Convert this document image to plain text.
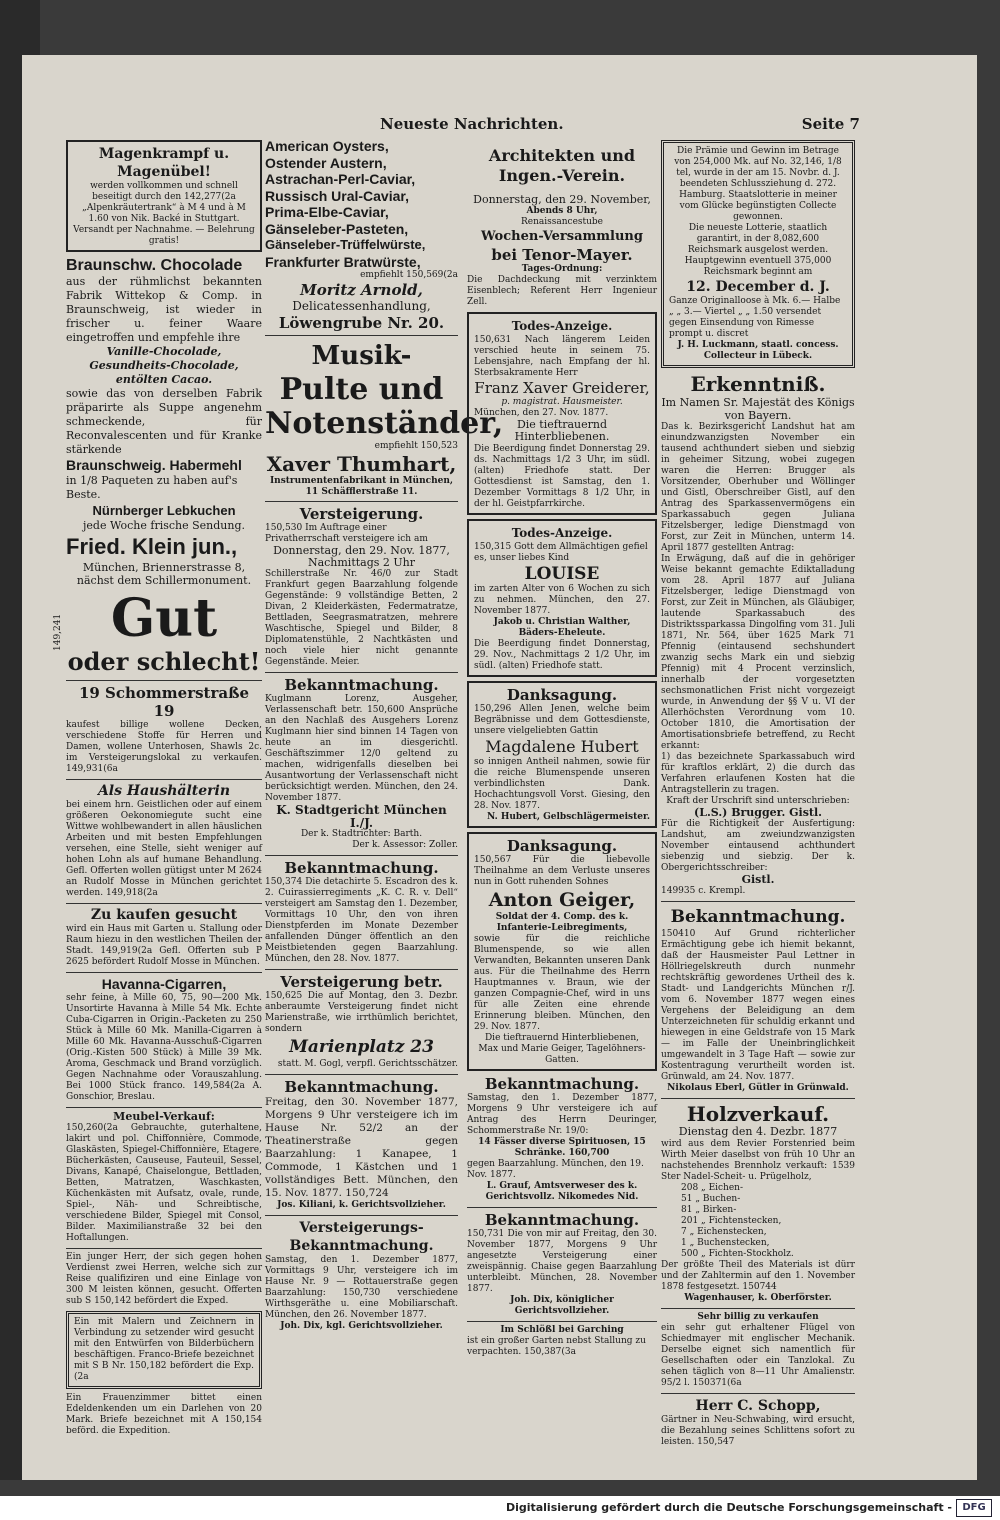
Neueste Nachrichten.	Seite 7
Magenkrampf u. Magenübel!
werden vollkommen und schnell beseitigt durch den 142,277(2a „Alpenkräutertrank“ à M 4 und à M 1.60 von Nik. Backé in Stuttgart. Versandt per Nachnahme. — Belehrung gratis!
Braunschw. Chocolade
aus der rühmlichst bekannten Fabrik Wittekop & Comp. in Braunschweig, ist wieder in frischer u. feiner Waare eingetroffen und empfehle ihre
Vanille-Chocolade, Gesundheits-Chocolade, entölten Cacao.
sowie das von derselben Fabrik präparirte als Suppe angenehm schmeckende, für Reconvalescenten und für Kranke stärkende
Braunschweig. Habermehl
in 1/8 Paqueten zu haben auf's Beste.
Nürnberger Lebkuchen
jede Woche frische Sendung.
Fried. Klein jun.,
München, Briennerstrasse 8, nächst dem Schillermonument.
149,241 Gut
oder schlecht!
19 Schommerstraße 19
kaufest billige wollene Decken, verschiedene Stoffe für Herren und Damen, wollene Unterhosen, Shawls 2c. im Versteigerungslokal zu verkaufen. 149,931(6a
Als Haushälterin
bei einem hrn. Geistlichen oder auf einem größeren Oekonomiegute sucht eine Wittwe wohlbewandert in allen häuslichen Arbeiten und mit besten Empfehlungen versehen, eine Stelle, sieht weniger auf hohen Lohn als auf humane Behandlung. Gefl. Offerten wollen gütigst unter M 2624 an Rudolf Mosse in München gerichtet werden. 149,918(2a
Zu kaufen gesucht
wird ein Haus mit Garten u. Stallung oder Raum hiezu in den westlichen Theilen der Stadt. 149,919(2a Gefl. Offerten sub P 2625 befördert Rudolf Mosse in München.
Havanna-Cigarren,
sehr feine, à Mille 60, 75, 90—200 Mk. Unsortirte Havanna à Mille 54 Mk. Echte Cuba-Cigarren in Origin.-Packeten zu 250 Stück à Mille 60 Mk. Manilla-Cigarren à Mille 60 Mk. Havanna-Ausschuß-Cigarren (Orig.-Kisten 500 Stück) à Mille 39 Mk. Aroma, Geschmack und Brand vorzüglich. Gegen Nachnahme oder Vorauszahlung. Bei 1000 Stück franco. 149,584(2a A. Gonschior, Breslau.
Meubel-Verkauf:
150,260(2a Gebrauchte, guterhaltene, lakirt und pol. Chiffonnière, Commode, Glaskästen, Spiegel-Chiffonnière, Etagere, Bücherkästen, Causeuse, Fauteuil, Sessel, Divans, Kanapé, Chaiselongue, Bettladen, Betten, Matratzen, Waschkasten, Küchenkästen mit Aufsatz, ovale, runde, Spiel-, Näh- und Schreibtische, verschiedene Bilder, Spiegel mit Consol, Bilder. Maximilianstraße 32 bei den Hoftallungen.
Ein junger Herr, der sich gegen hohen Verdienst zwei Herren, welche sich zur Reise qualifiziren und eine Einlage von 300 M leisten können, gesucht. Offerten sub S 150,142 befördert die Exped.
Ein mit Malern und Zeichnern in Verbindung zu setzender wird gesucht mit den Entwürfen von Bilderbüchern beschäftigen. Franco-Briefe bezeichnet mit S B Nr. 150,182 befördert die Exp. (2a
Ein Frauenzimmer bittet einen Edeldenkenden um ein Darlehen von 20 Mark. Briefe bezeichnet mit A 150,154 beförd. die Expedition.
American Oysters,
Ostender Austern,
Astrachan-Perl-Caviar,
Russisch Ural-Caviar,
Prima-Elbe-Caviar,
Gänseleber-Pasteten,
Gänseleber-Trüffelwürste,
Frankfurter Bratwürste,
empfiehlt 150,569(2a
Moritz Arnold,
Delicatessenhandlung,
Löwengrube Nr. 20.
Musik-
Pulte und
Notenständer,
empfiehlt 150,523
Xaver Thumhart,
Instrumentenfabrikant in München, 11 Schäfflerstraße 11.
Versteigerung.
150,530 Im Auftrage einer Privatherrschaft versteigere ich am
Donnerstag, den 29. Nov. 1877,
Nachmittags 2 Uhr
Schillerstraße Nr. 46/0 zur Stadt Frankfurt gegen Baarzahlung folgende Gegenstände: 9 vollständige Betten, 2 Divan, 2 Kleiderkästen, Federmatratze, Bettladen, Seegrasmatratzen, mehrere Waschtische, Spiegel und Bilder, 8 Diplomatenstühle, 2 Nachtkästen und noch viele hier nicht genannte Gegenstände. Meier.
Bekanntmachung.
Kuglmann Lorenz, Ausgeher, Verlassenschaft betr. 150,600 Ansprüche an den Nachlaß des Ausgehers Lorenz Kuglmann hier sind binnen 14 Tagen von heute an im diesgerichtl. Geschäftszimmer 12/0 geltend zu machen, widrigenfalls dieselben bei Ausantwortung der Verlassenschaft nicht berücksichtigt werden. München, den 24. November 1877.
K. Stadtgericht München I./J.
Der k. Stadtrichter: Barth.
Der k. Assessor: Zoller.
Bekanntmachung.
150,374 Die detachirte 5. Escadron des k. 2. Cuirassierregiments „K. C. R. v. Dell“ versteigert am Samstag den 1. Dezember, Vormittags 10 Uhr, den von ihren Dienstpferden im Monate Dezember anfallenden Dünger öffentlich an den Meistbietenden gegen Baarzahlung. München, den 28. Nov. 1877.
Versteigerung betr.
150,625 Die auf Montag, den 3. Dezbr. anberaumte Versteigerung findet nicht Marienstraße, wie irrthümlich berichtet, sondern
Marienplatz 23
statt. M. Gogl, verpfl. Gerichtsschätzer.
Bekanntmachung.
Freitag, den 30. November 1877, Morgens 9 Uhr versteigere ich im Hause Nr. 52/2 an der Theatinerstraße gegen Baarzahlung: 1 Kanapee, 1 Commode, 1 Kästchen und 1 vollständiges Bett. München, den 15. Nov. 1877. 150,724
Jos. Kiliani, k. Gerichtsvollzieher.
Versteigerungs-Bekanntmachung.
Samstag, den 1. Dezember 1877, Vormittags 9 Uhr, versteigere ich im Hause Nr. 9 — Rottauerstraße gegen Baarzahlung: 150,730 verschiedene Wirthsgeräthe u. eine Mobiliarschaft. München, den 26. November 1877.
Joh. Dix, kgl. Gerichtsvollzieher.
Architekten und Ingen.-Verein.
Donnerstag, den 29. November,
Abends 8 Uhr,
Renaissancestube
Wochen-Versammlung
bei Tenor-Mayer.
Tages-Ordnung:
Die Dachdeckung mit verzinktem Eisenblech; Referent Herr Ingenieur Zell.
Todes-Anzeige.
150,631 Nach längerem Leiden verschied heute in seinem 75. Lebensjahre, nach Empfang der hl. Sterbsakramente Herr
Franz Xaver Greiderer,
p. magistrat. Hausmeister.
München, den 27. Nov. 1877.
Die tieftrauernd Hinterbliebenen.
Die Beerdigung findet Donnerstag 29. ds. Nachmittags 1/2 3 Uhr, im südl. (alten) Friedhofe statt. Der Gottesdienst ist Samstag, den 1. Dezember Vormittags 8 1/2 Uhr, in der hl. Geistpfarrkirche.
Todes-Anzeige.
150,315 Gott dem Allmächtigen gefiel es, unser liebes Kind
LOUISE
im zarten Alter von 6 Wochen zu sich zu nehmen. München, den 27. November 1877.
Jakob u. Christian Walther, Bäders-Eheleute.
Die Beerdigung findet Donnerstag, 29. Nov., Nachmittags 2 1/2 Uhr, im südl. (alten) Friedhofe statt.
Danksagung.
150,296 Allen Jenen, welche beim Begräbnisse und dem Gottesdienste, unsere vielgeliebten Gattin
Magdalene Hubert
so innigen Antheil nahmen, sowie für die reiche Blumenspende unseren verbindlichsten Dank. Hochachtungsvoll Vorst. Giesing, den 28. Nov. 1877.
N. Hubert, Gelbschlägermeister.
Danksagung.
150,567 Für die liebevolle Theilnahme an dem Verluste unseres nun in Gott ruhenden Sohnes
Anton Geiger,
Soldat der 4. Comp. des k. Infanterie-Leibregiments,
sowie für die reichliche Blumenspende, so wie allen Verwandten, Bekannten unseren Dank aus. Für die Theilnahme des Herrn Hauptmannes v. Braun, wie der ganzen Compagnie-Chef, wird in uns für alle Zeiten eine ehrende Erinnerung bleiben. München, den 29. Nov. 1877.
Die tieftrauernd Hinterbliebenen, Max und Marie Geiger, Tagelöhners-Gatten.
Bekanntmachung.
Samstag, den 1. Dezember 1877, Morgens 9 Uhr versteigere ich auf Antrag des Herrn Deuringer, Schommerstraße Nr. 19/0:
14 Fässer diverse Spirituosen, 15 Schränke. 160,700
gegen Baarzahlung. München, den 19. Nov. 1877.
L. Grauf, Amtsverweser des k. Gerichtsvollz. Nikomedes Nid.
Bekanntmachung.
150,731 Die von mir auf Freitag, den 30. November 1877, Morgens 9 Uhr angesetzte Versteigerung einer zweispännig. Chaise gegen Baarzahlung unterbleibt. München, 28. November 1877.
Joh. Dix, königlicher Gerichtsvollzieher.
Im Schlößl bei Garching
ist ein großer Garten nebst Stallung zu verpachten. 150,387(3a
Die Prämie und Gewinn im Betrage von 254,000 Mk. auf No. 32,146, 1/8 tel, wurde in der am 15. Novbr. d. J. beendeten Schlussziehung d. 272. Hamburg. Staatslotterie in meiner vom Glücke begünstigten Collecte gewonnen.
Die neueste Lotterie, staatlich garantirt, in der 8,082,600 Reichsmark ausgelost werden. Hauptgewinn eventuell 375,000 Reichsmark beginnt am
12. December d. J.
Ganze Originalloose à Mk. 6.— Halbe „ „ 3.— Viertel „ „ 1.50 versendet gegen Einsendung von Rimesse prompt u. discret
J. H. Luckmann, staatl. concess. Collecteur in Lübeck.
Erkenntniß.
Im Namen Sr. Majestät des Königs von Bayern.
Das k. Bezirksgericht Landshut hat am einundzwanzigsten November ein tausend achthundert sieben und siebzig in geheimer Sitzung, wobei zugegen waren die Herren: Brugger als Vorsitzender, Oberhuber und Wöllinger und Gistl, Oberschreiber Gistl, auf den Antrag des Sparkassenvermögens ein Sparkassabuch gegen Juliana Fitzelsberger, ledige Dienstmagd von Forst, zur Zeit in München, unterm 14. April 1877 gestellten Antrag:
In Erwägung, daß auf die in gehöriger Weise bekannt gemachte Ediktalladung vom 28. April 1877 auf Juliana Fitzelsberger, ledige Dienstmagd von Forst, zur Zeit in München, als Gläubiger, lautende Sparkassabuch des Distriktssparkassa Dingolfing vom 31. Juli 1871, Nr. 564, über 1625 Mark 71 Pfennig (eintausend sechshundert zwanzig sechs Mark ein und siebzig Pfennig) mit 4 Procent verzinslich, innerhalb der vorgesetzten sechsmonatlichen Frist nicht vorgezeigt wurde, in Anwendung der §§ V u. VI der Allerhöchsten Verordnung vom 10. October 1810, die Amortisation der Amortisationsbriefe betreffend, zu Recht erkannt:
1) das bezeichnete Sparkassabuch wird für kraftlos erklärt, 2) die durch das Verfahren erlaufenen Kosten hat die Antragstellerin zu tragen.
Kraft der Urschrift sind unterschrieben:
(L.S.) Brugger. Gistl.
Für die Richtigkeit der Ausfertigung: Landshut, am zweiundzwanzigsten November eintausend achthundert siebenzig und siebzig. Der k. Obergerichtsschreiber:
Gistl.
149935 c. Krempl.
Bekanntmachung.
150410 Auf Grund richterlicher Ermächtigung gebe ich hiemit bekannt, daß der Hausmeister Paul Lettner in Höllriegelskreuth durch nunmehr rechtskräftig gewordenes Urtheil des k. Stadt- und Landgerichts München r/J. vom 6. November 1877 wegen eines Vergehens der Beleidigung an dem Unterzeichneten für schuldig erkannt und hiewegen in eine Geldstrafe von 15 Mark — im Falle der Uneinbringlichkeit umgewandelt in 3 Tage Haft — sowie zur Kostentragung verurtheilt worden ist. Grünwald, am 24. Nov. 1877.
Nikolaus Eberl, Gütler in Grünwald.
Holzverkauf.
Dienstag den 4. Dezbr. 1877
wird aus dem Revier Forstenried beim Wirth Meier daselbst von früh 10 Uhr an nachstehendes Brennholz verkauft: 1539 Ster Nadel-Scheit- u. Prügelholz,
208 „ Eichen-
51 „ Buchen-
81 „ Birken-
201 „ Fichtenstecken,
7 „ Eichenstecken,
1 „ Buchenstecken,
500 „ Fichten-Stockholz.
Der größte Theil des Materials ist dürr und der Zahltermin auf den 1. November 1878 festgesetzt. 150744
Wagenhauser, k. Oberförster.
Sehr billig zu verkaufen
ein sehr gut erhaltener Flügel von Schiedmayer mit englischer Mechanik. Derselbe eignet sich namentlich für Gesellschaften oder ein Tanzlokal. Zu sehen täglich von 8—11 Uhr Amalienstr. 95/2 l. 150371(6a
Herr C. Schopp,
Gärtner in Neu-Schwabing, wird ersucht, die Bezahlung seines Schlittens sofort zu leisten. 150,547
Digitalisierung gefördert durch die Deutsche Forschungsgemeinschaft -	DFG
